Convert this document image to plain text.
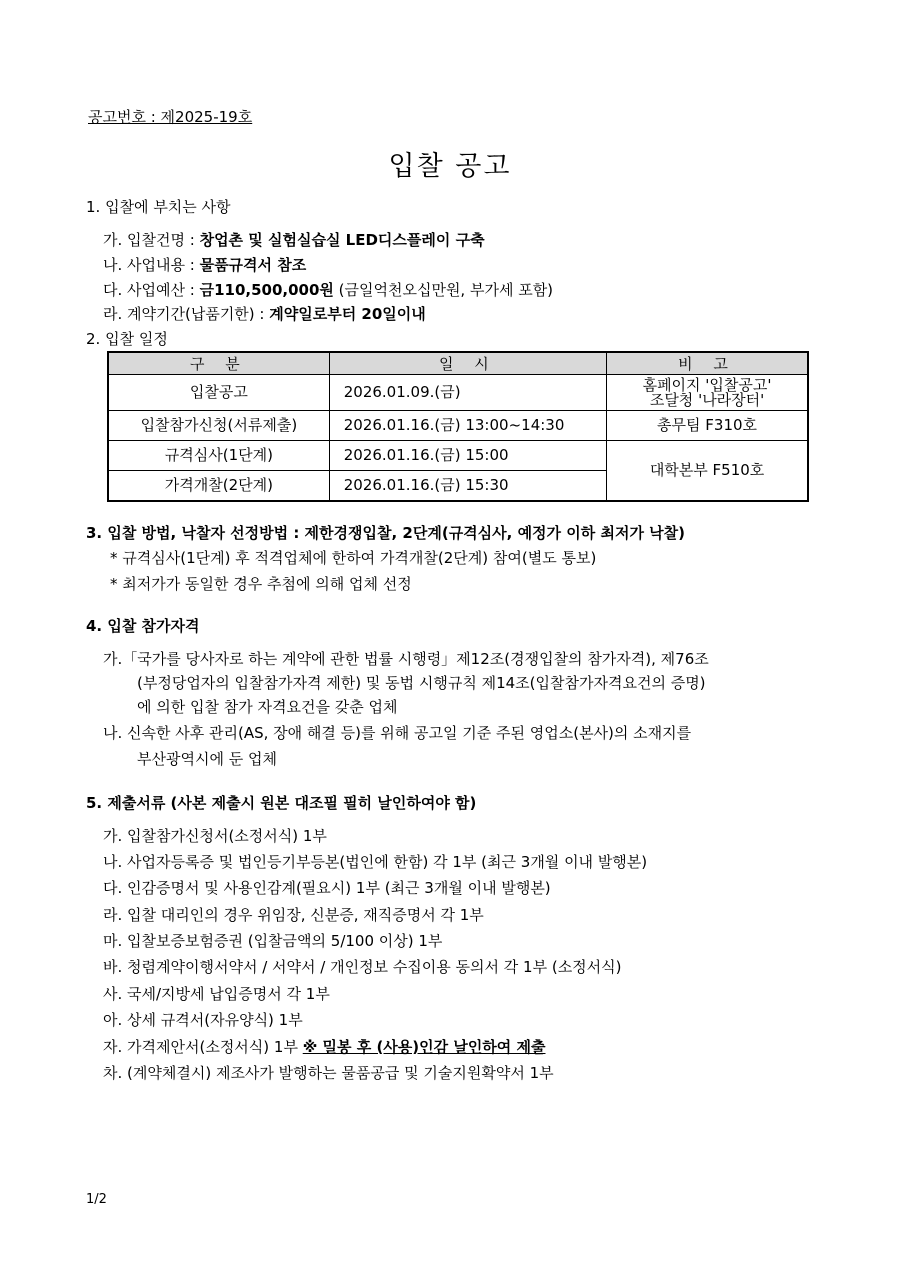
공고번호 : 제2025-19호
입찰 공고
1. 입찰에 부치는 사항
가. 입찰건명 : 창업촌 및 실험실습실 LED디스플레이 구축
나. 사업내용 : 물품규격서 참조
다. 사업예산 : 금110,500,000원 (금일억천오십만원, 부가세 포함)
라. 계약기간(납품기한) : 계약일로부터 20일이내
2. 입찰 일정
구 분	일 시	비 고
입찰공고	2026.01.09.(금)	홈페이지 '입찰공고'
조달청 '나라장터'

입찰참가신청(서류제출)	2026.01.16.(금) 13:00~14:30	총무팀 F310호
규격심사(1단계)	2026.01.16.(금) 15:00	대학본부 F510호
가격개찰(2단계)	2026.01.16.(금) 15:30	
3. 입찰 방법, 낙찰자 선정방법 : 제한경쟁입찰, 2단계(규격심사, 예정가 이하 최저가 낙찰)
* 규격심사(1단계) 후 적격업체에 한하여 가격개찰(2단계) 참여(별도 통보)
* 최저가가 동일한 경우 추첨에 의해 업체 선정
4. 입찰 참가자격
가.「국가를 당사자로 하는 계약에 관한 법률 시행령」제12조(경쟁입찰의 참가자격), 제76조
(부정당업자의 입찰참가자격 제한) 및 동법 시행규칙 제14조(입찰참가자격요건의 증명)
에 의한 입찰 참가 자격요건을 갖춘 업체
나. 신속한 사후 관리(AS, 장애 해결 등)를 위해 공고일 기준 주된 영업소(본사)의 소재지를
부산광역시에 둔 업체
5. 제출서류 (사본 제출시 원본 대조필 필히 날인하여야 함)
가. 입찰참가신청서(소정서식) 1부
나. 사업자등록증 및 법인등기부등본(법인에 한함) 각 1부 (최근 3개월 이내 발행본)
다. 인감증명서 및 사용인감계(필요시) 1부 (최근 3개월 이내 발행본)
라. 입찰 대리인의 경우 위임장, 신분증, 재직증명서 각 1부
마. 입찰보증보험증권 (입찰금액의 5/100 이상) 1부
바. 청렴계약이행서약서 / 서약서 / 개인정보 수집이용 동의서 각 1부 (소정서식)
사. 국세/지방세 납입증명서 각 1부
아. 상세 규격서(자유양식) 1부
자. 가격제안서(소정서식) 1부 ※ 밀봉 후 (사용)인감 날인하여 제출
차. (계약체결시) 제조사가 발행하는 물품공급 및 기술지원확약서 1부
1/2
